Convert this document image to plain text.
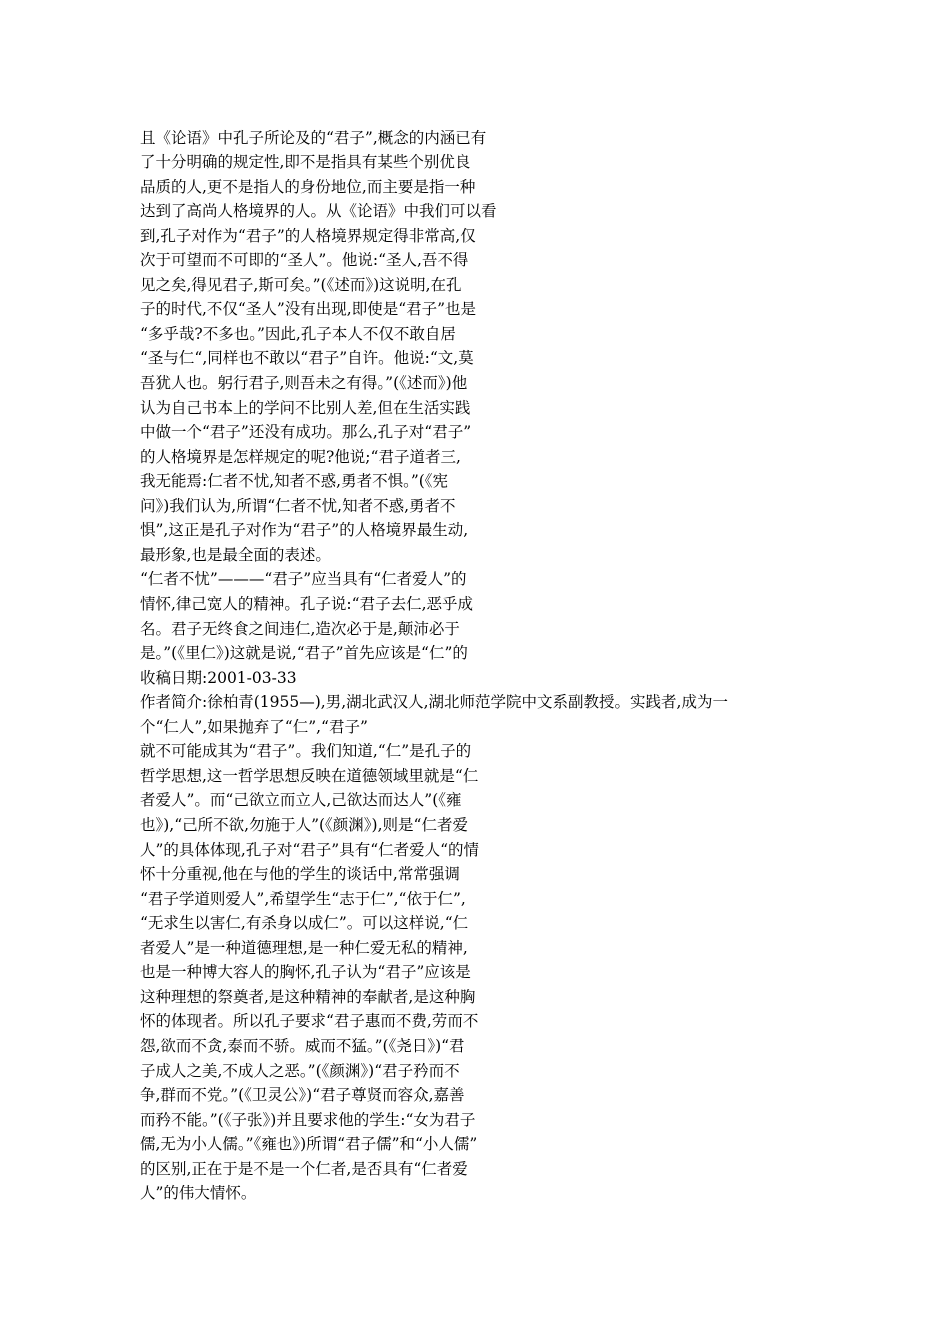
且《论语》中孔子所论及的“君子”,概念的内涵已有

了十分明确的规定性,即不是指具有某些个别优良

品质的人,更不是指人的身份地位,而主要是指一种

达到了高尚人格境界的人。从《论语》中我们可以看

到,孔子对作为“君子”的人格境界规定得非常高,仅

次于可望而不可即的“圣人”。他说:“圣人,吾不得

见之矣,得见君子,斯可矣。”(《述而》)这说明,在孔

子的时代,不仅“圣人”没有出现,即使是“君子”也是

“多乎哉?不多也。”因此,孔子本人不仅不敢自居

“圣与仁“,同样也不敢以“君子”自许。他说:“文,莫

吾犹人也。躬行君子,则吾未之有得。”(《述而》)他

认为自己书本上的学问不比别人差,但在生活实践

中做一个“君子”还没有成功。那么,孔子对“君子”

的人格境界是怎样规定的呢?他说;“君子道者三,

我无能焉:仁者不忧,知者不惑,勇者不惧。”(《宪

问》)我们认为,所谓“仁者不忧,知者不惑,勇者不

惧”,这正是孔子对作为“君子”的人格境界最生动,

最形象,也是最全面的表述。

“仁者不忧”———“君子”应当具有“仁者爱人”的

情怀,律己宽人的精神。孔子说:“君子去仁,恶乎成

名。君子无终食之间违仁,造次必于是,颠沛必于

是。”(《里仁》)这就是说,“君子”首先应该是“仁”的

收稿日期:2001-03-33

作者简介:徐柏青(1955—),男,湖北武汉人,湖北师范学院中文系副教授。实践者,成为一

个“仁人”,如果抛弃了“仁”,“君子”

就不可能成其为“君子”。我们知道,“仁”是孔子的

哲学思想,这一哲学思想反映在道德领域里就是“仁

者爱人”。而“己欲立而立人,己欲达而达人”(《雍

也》),“己所不欲,勿施于人”(《颜渊》),则是“仁者爱

人”的具体体现,孔子对“君子”具有“仁者爱人“的情

怀十分重视,他在与他的学生的谈话中,常常强调

“君子学道则爱人”,希望学生“志于仁”,“依于仁”,

“无求生以害仁,有杀身以成仁”。可以这样说,“仁

者爱人”是一种道德理想,是一种仁爱无私的精神,

也是一种博大容人的胸怀,孔子认为“君子”应该是

这种理想的祭奠者,是这种精神的奉献者,是这种胸

怀的体现者。所以孔子要求“君子惠而不费,劳而不

怨,欲而不贪,泰而不骄。威而不猛。”(《尧日》)“君

子成人之美,不成人之恶。”(《颜渊》)“君子矜而不

争,群而不党。”(《卫灵公》)“君子尊贤而容众,嘉善

而矜不能。”(《子张》)并且要求他的学生:“女为君子

儒,无为小人儒。”《雍也》)所谓“君子儒”和“小人儒”

的区别,正在于是不是一个仁者,是否具有“仁者爱

人”的伟大情怀。
